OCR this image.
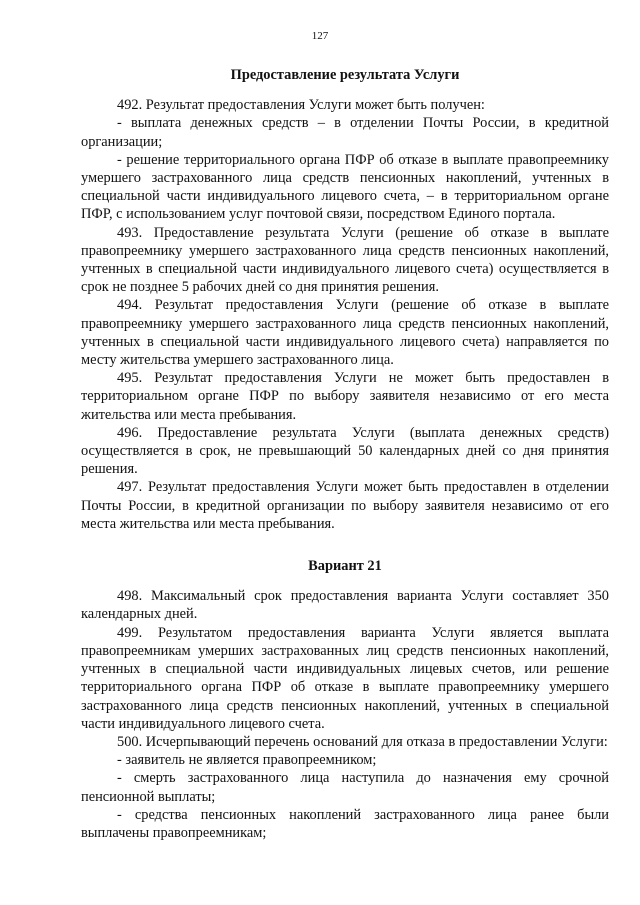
127
Предоставление результата Услуги

492. Результат предоставления Услуги может быть получен:

- выплата денежных средств – в отделении Почты России, в кредитной организации;

- решение территориального органа ПФР об отказе в выплате правопреемнику умершего застрахованного лица средств пенсионных накоплений, учтенных в специальной части индивидуального лицевого счета, – в территориальном органе ПФР, с использованием услуг почтовой связи, посредством Единого портала.

493. Предоставление результата Услуги (решение об отказе в выплате правопреемнику умершего застрахованного лица средств пенсионных накоплений, учтенных в специальной части индивидуального лицевого счета) осуществляется в срок не позднее 5 рабочих дней со дня принятия решения.

494. Результат предоставления Услуги (решение об отказе в выплате правопреемнику умершего застрахованного лица средств пенсионных накоплений, учтенных в специальной части индивидуального лицевого счета) направляется по месту жительства умершего застрахованного лица.

495. Результат предоставления Услуги не может быть предоставлен в территориальном органе ПФР по выбору заявителя независимо от его места жительства или места пребывания.

496. Предоставление результата Услуги (выплата денежных средств) осуществляется в срок, не превышающий 50 календарных дней со дня принятия решения.

497. Результат предоставления Услуги может быть предоставлен в отделении Почты России, в кредитной организации по выбору заявителя независимо от его места жительства или места пребывания.

Вариант 21

498. Максимальный срок предоставления варианта Услуги составляет 350 календарных дней.

499. Результатом предоставления варианта Услуги является выплата правопреемникам умерших застрахованных лиц средств пенсионных накоплений, учтенных в специальной части индивидуальных лицевых счетов, или решение территориального органа ПФР об отказе в выплате правопреемнику умершего застрахованного лица средств пенсионных накоплений, учтенных в специальной части индивидуального лицевого счета.

500. Исчерпывающий перечень оснований для отказа в предоставлении Услуги:

- заявитель не является правопреемником;

- смерть застрахованного лица наступила до назначения ему срочной пенсионной выплаты;

- средства пенсионных накоплений застрахованного лица ранее были выплачены правопреемникам;
